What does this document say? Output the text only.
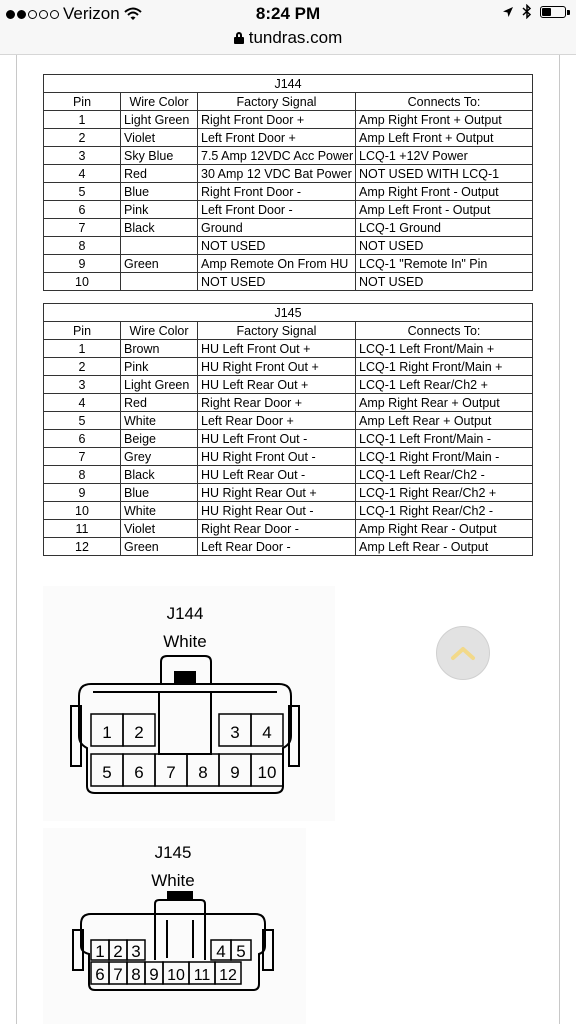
Verizon	8:24 PM
tundras.com
J144			
Pin	Wire Color	Factory Signal	Connects To:
1	Light Green	Right Front Door +	Amp Right Front + Output
2	Violet	Left Front Door +	Amp Left Front + Output
3	Sky Blue	7.5 Amp 12VDC Acc Power	LCQ-1 +12V Power
4	Red	30 Amp 12 VDC Bat Power	NOT USED WITH LCQ-1
5	Blue	Right Front Door -	Amp Right Front - Output
6	Pink	Left Front Door -	Amp Left Front - Output
7	Black	Ground	LCQ-1 Ground
8		NOT USED	NOT USED
9	Green	Amp Remote On From HU	LCQ-1 "Remote In" Pin
10		NOT USED	NOT USED
J145			
Pin	Wire Color	Factory Signal	Connects To:
1	Brown	HU Left Front Out +	LCQ-1 Left Front/Main +
2	Pink	HU Right Front Out +	LCQ-1 Right Front/Main +
3	Light Green	HU Left Rear Out +	LCQ-1 Left Rear/Ch2 +
4	Red	Right Rear Door +	Amp Right Rear + Output
5	White	Left Rear Door +	Amp Left Rear + Output
6	Beige	HU Left Front Out -	LCQ-1 Left Front/Main -
7	Grey	HU Right Front Out -	LCQ-1 Right Front/Main -
8	Black	HU Left Rear Out -	LCQ-1 Left Rear/Ch2 -
9	Blue	HU Right Rear Out +	LCQ-1 Right Rear/Ch2 +
10	White	HU Right Rear Out -	LCQ-1 Right Rear/Ch2 -
11	Violet	Right Rear Door -	Amp Right Rear - Output
12	Green	Left Rear Door -	Amp Left Rear - Output
J144
White
5 6 7 8 9 10
1 2	3 4
J145
White
1 2 3	4 5
6 7 8 9 10 11 12
